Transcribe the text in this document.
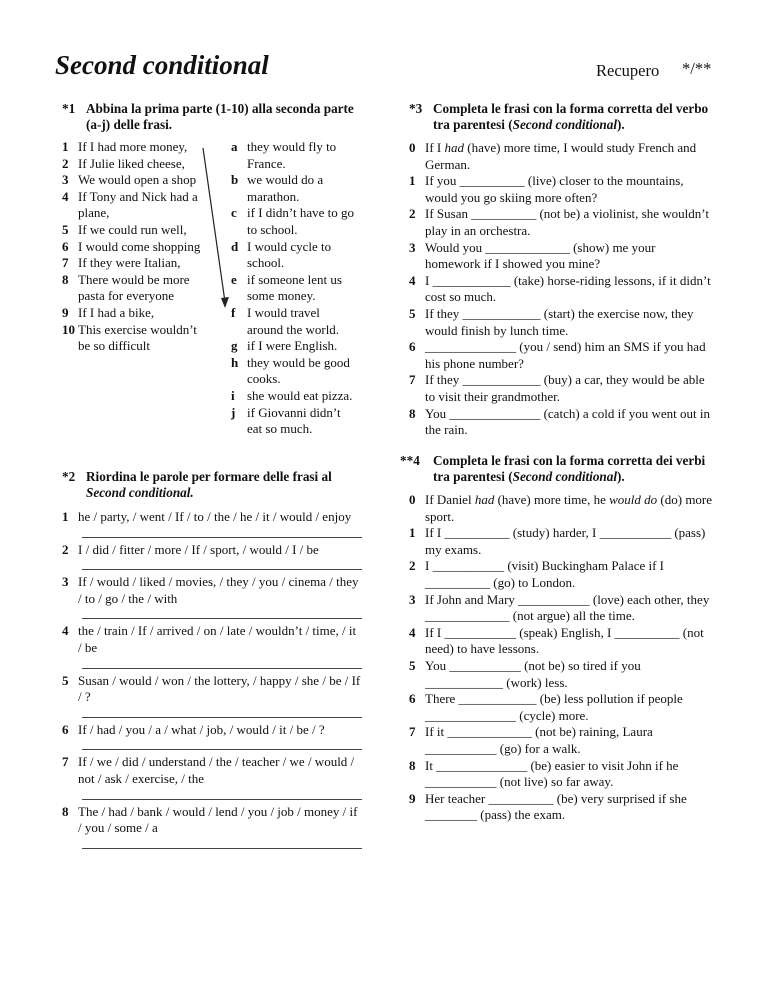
Second conditional	Recupero */**
*1 Abbina la prima parte (1-10) alla seconda parte (a-j) delle frasi.
1 If I had more money,
2 If Julie liked cheese,
3 We would open a shop
4 If Tony and Nick had a plane,
5 If we could run well,
6 I would come shopping
7 If they were Italian,
8 There would be more pasta for everyone
9 If I had a bike,
10 This exercise wouldn’t be so difficult
a they would fly to France.
b we would do a marathon.
c if I didn’t have to go to school.
d I would cycle to school.
e if someone lent us some money.
f I would travel around the world.
g if I were English.
h they would be good cooks.
i she would eat pizza.
j if Giovanni didn’t eat so much.
*2 Riordina le parole per formare delle frasi al
Second conditional.
1 he / party, / went / If / to / the / he / it / would / enjoy
2 I / did / fitter / more / If / sport, / would / I / be
3 If / would / liked / movies, / they / you / cinema / they / to / go / the / with
4 the / train / If / arrived / on / late / wouldn’t / time, / it / be
5 Susan / would / won / the lottery, / happy / she / be / If / ?
6 If / had / you / a / what / job, / would / it / be / ?
7 If / we / did / understand / the / teacher / we / would / not / ask / exercise, / the
8 The / had / bank / would / lend / you / job / money / if / you / some / a
*3 Completa le frasi con la forma corretta del verbo tra parentesi (Second conditional).
0 If I had (have) more time, I would study French and German.
1 If you __________ (live) closer to the mountains, would you go skiing more often?
2 If Susan __________ (not be) a violinist, she wouldn’t play in an orchestra.
3 Would you _____________ (show) me your homework if I showed you mine?
4 I ____________ (take) horse-riding lessons, if it didn’t cost so much.
5 If they ____________ (start) the exercise now, they would finish by lunch time.
6 ______________ (you / send) him an SMS if you had his phone number?
7 If they ____________ (buy) a car, they would be able to visit their grandmother.
8 You ______________ (catch) a cold if you went out in the rain.
**4	Completa le frasi con la forma corretta dei verbi tra parentesi (Second conditional).
0 If Daniel had (have) more time, he would do (do) more sport.
1 If I __________ (study) harder, I ___________ (pass) my exams.
2 I ___________ (visit) Buckingham Palace if I __________ (go) to London.
3 If John and Mary ___________ (love) each other, they _____________ (not argue) all the time.
4 If I ___________ (speak) English, I __________ (not need) to have lessons.
5 You ___________ (not be) so tired if you ____________ (work) less.
6 There ____________ (be) less pollution if people ______________ (cycle) more.
7 If it _____________ (not be) raining, Laura ___________ (go) for a walk.
8 It ______________ (be) easier to visit John if he ___________ (not live) so far away.
9 Her teacher __________ (be) very surprised if she ________ (pass) the exam.
